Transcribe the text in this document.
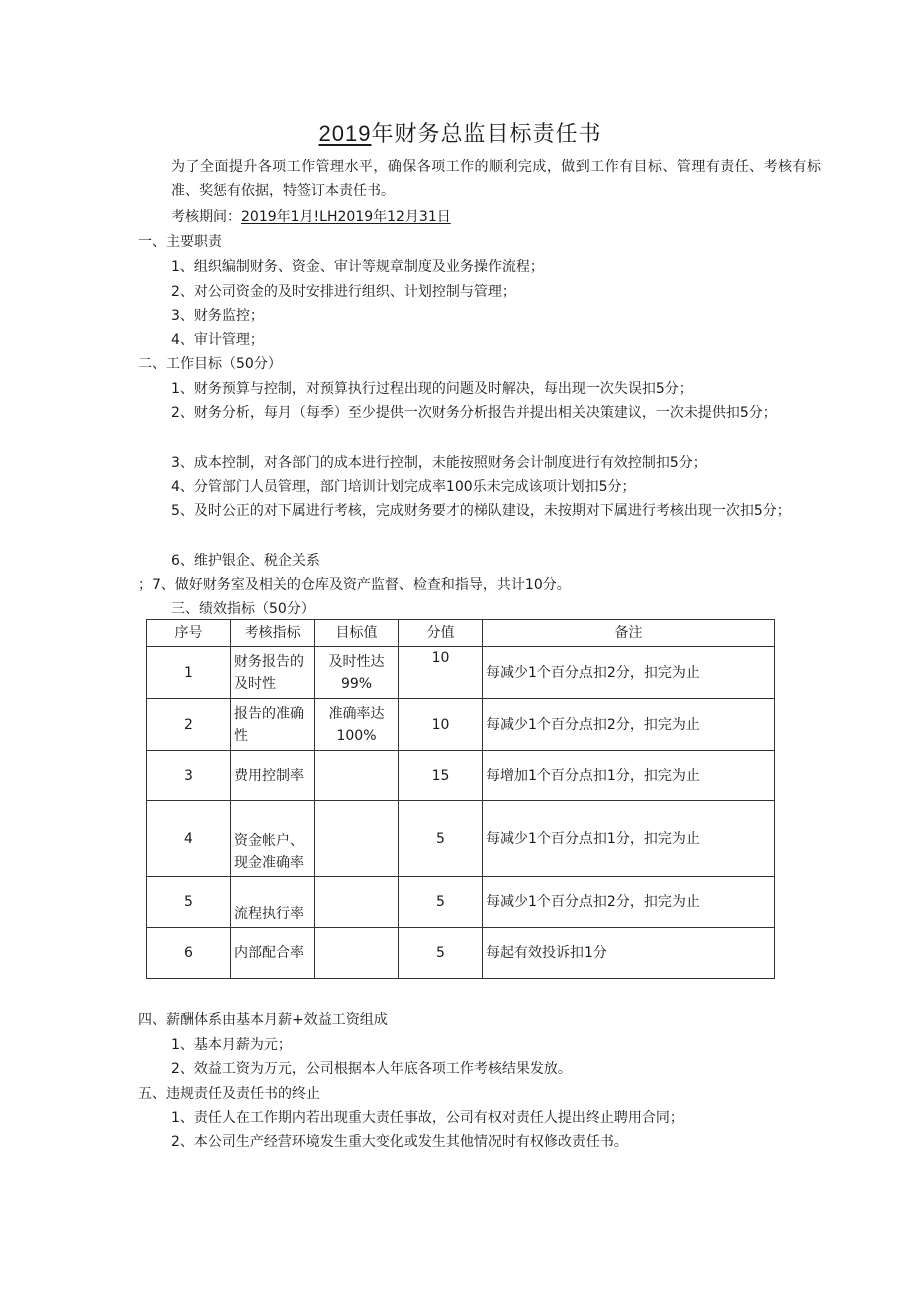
2019年财务总监目标责任书
为了全面提升各项工作管理水平，确保各项工作的顺利完成，做到工作有目标、管理有责任、考核有标准、奖惩有依据，特签订本责任书。
考核期间：2019年1月!LH2019年12月31日
一、主要职责
1、组织编制财务、资金、审计等规章制度及业务操作流程；
2、对公司资金的及时安排进行组织、计划控制与管理；
3、财务监控；
4、审计管理；
二、工作目标（50分）
1、财务预算与控制，对预算执行过程出现的问题及时解决，每出现一次失误扣5分；
2、财务分析，每月（每季）至少提供一次财务分析报告并提出相关决策建议，一次未提供扣5分；
3、成本控制，对各部门的成本进行控制，未能按照财务会计制度进行有效控制扣5分；
4、分管部门人员管理，部门培训计划完成率100乐未完成该项计划扣5分；
5、及时公正的对下属进行考核，完成财务要才的梯队建设，未按期对下属进行考核出现一次扣5分；
6、维护银企、税企关系
；7、做好财务室及相关的仓库及资产监督、检查和指导，共计10分。
三、绩效指标（50分）
序号	考核指标	目标值	分值	备注
1	财务报告的及时性	及时性达99%	10	每减少1个百分点扣2分，扣完为止
2	报告的准确性	准确率达100%	10	每减少1个百分点扣2分，扣完为止
3	费用控制率		15	每增加1个百分点扣1分，扣完为止
4	资金帐户、现金准确率		5	每减少1个百分点扣1分，扣完为止
5	流程执行率		5	每减少1个百分点扣2分，扣完为止
6	内部配合率		5	每起有效投诉扣1分
四、薪酬体系由基本月薪+效益工资组成
1、基本月薪为元；
2、效益工资为万元，公司根据本人年底各项工作考核结果发放。
五、违规责任及责任书的终止
1、责任人在工作期内若出现重大责任事故，公司有权对责任人提出终止聘用合同；
2、本公司生产经营环境发生重大变化或发生其他情况时有权修改责任书。
